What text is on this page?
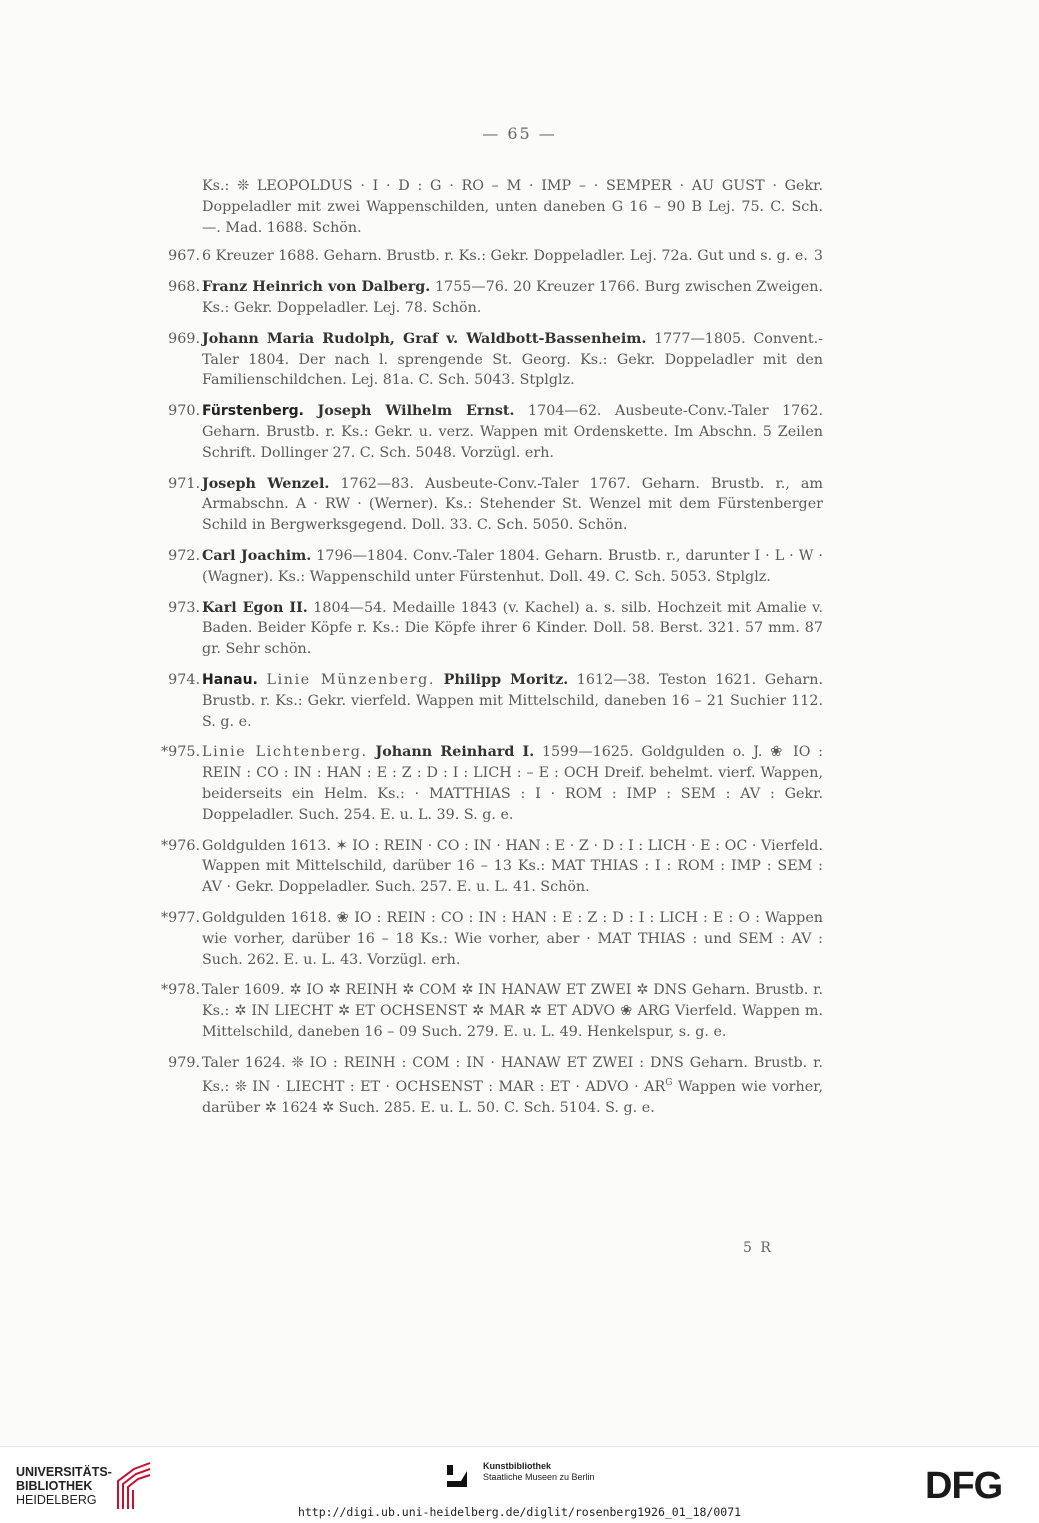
— 65 —
Ks.: ❊ LEOPOLDUS · I · D : G · RO – M · IMP – · SEMPER · AU GUST · Gekr. Doppeladler mit zwei Wappenschilden, unten daneben G 16 – 90 B Lej. 75. C. Sch. —. Mad. 1688. Schön.
967. 6 Kreuzer 1688. Geharn. Brustb. r. Ks.: Gekr. Doppeladler. Lej. 72a. Gut und s. g. e. 3
968. Franz Heinrich von Dalberg. 1755—76. 20 Kreuzer 1766. Burg zwischen Zweigen. Ks.: Gekr. Doppeladler. Lej. 78. Schön.
969. Johann Maria Rudolph, Graf v. Waldbott-Bassenheim. 1777—1805. Convent.-Taler 1804. Der nach l. sprengende St. Georg. Ks.: Gekr. Doppeladler mit den Familienschildchen. Lej. 81a. C. Sch. 5043. Stplglz.
970. Fürstenberg. Joseph Wilhelm Ernst. 1704—62. Ausbeute-Conv.-Taler 1762. Geharn. Brustb. r. Ks.: Gekr. u. verz. Wappen mit Ordenskette. Im Abschn. 5 Zeilen Schrift. Dollinger 27. C. Sch. 5048. Vorzügl. erh.
971. Joseph Wenzel. 1762—83. Ausbeute-Conv.-Taler 1767. Geharn. Brustb. r., am Armabschn. A · RW · (Werner). Ks.: Stehender St. Wenzel mit dem Fürstenberger Schild in Bergwerksgegend. Doll. 33. C. Sch. 5050. Schön.
972. Carl Joachim. 1796—1804. Conv.-Taler 1804. Geharn. Brustb. r., darunter I · L · W · (Wagner). Ks.: Wappenschild unter Fürstenhut. Doll. 49. C. Sch. 5053. Stplglz.
973. Karl Egon II. 1804—54. Medaille 1843 (v. Kachel) a. s. silb. Hochzeit mit Amalie v. Baden. Beider Köpfe r. Ks.: Die Köpfe ihrer 6 Kinder. Doll. 58. Berst. 321. 57 mm. 87 gr. Sehr schön.
974. Hanau. Linie Münzenberg. Philipp Moritz. 1612—38. Teston 1621. Geharn. Brustb. r. Ks.: Gekr. vierfeld. Wappen mit Mittelschild, daneben 16 – 21 Suchier 112. S. g. e.
*975. Linie Lichtenberg. Johann Reinhard I. 1599—1625. Goldgulden o. J. ❀ IO : REIN : CO : IN : HAN : E : Z : D : I : LICH : – E : OCH Dreif. behelmt. vierf. Wappen, beiderseits ein Helm. Ks.: · MATTHIAS : I · ROM : IMP : SEM : AV : Gekr. Doppeladler. Such. 254. E. u. L. 39. S. g. e.
*976. Goldgulden 1613. ✶ IO : REIN · CO : IN · HAN : E · Z · D : I : LICH · E : OC · Vierfeld. Wappen mit Mittelschild, darüber 16 – 13 Ks.: MAT THIAS : I : ROM : IMP : SEM : AV · Gekr. Doppeladler. Such. 257. E. u. L. 41. Schön.
*977. Goldgulden 1618. ❀ IO : REIN : CO : IN : HAN : E : Z : D : I : LICH : E : O : Wappen wie vorher, darüber 16 – 18 Ks.: Wie vorher, aber · MAT THIAS : und SEM : AV : Such. 262. E. u. L. 43. Vorzügl. erh.
*978. Taler 1609. ✲ IO ✲ REINH ✲ COM ✲ IN HANAW ET ZWEI ✲ DNS Geharn. Brustb. r. Ks.: ✲ IN LIECHT ✲ ET OCHSENST ✲ MAR ✲ ET ADVO ❀ ARG Vierfeld. Wappen m. Mittelschild, daneben 16 – 09 Such. 279. E. u. L. 49. Henkelspur, s. g. e.
979. Taler 1624. ❊ IO : REINH : COM : IN · HANAW ET ZWEI : DNS Geharn. Brustb. r. Ks.: ❊ IN · LIECHT : ET · OCHSENST : MAR : ET · ADVO · $AR^G$ Wappen wie vorher, darüber ✲ 1624 ✲ Such. 285. E. u. L. 50. C. Sch. 5104. S. g. e.
5 R
UNIVERSITÄTS-
BIBLIOTHEK
HEIDELBERG
Kunstbibliothek
Staatliche Museen zu Berlin	DFG
http://digi.ub.uni-heidelberg.de/diglit/rosenberg1926_01_18/0071
